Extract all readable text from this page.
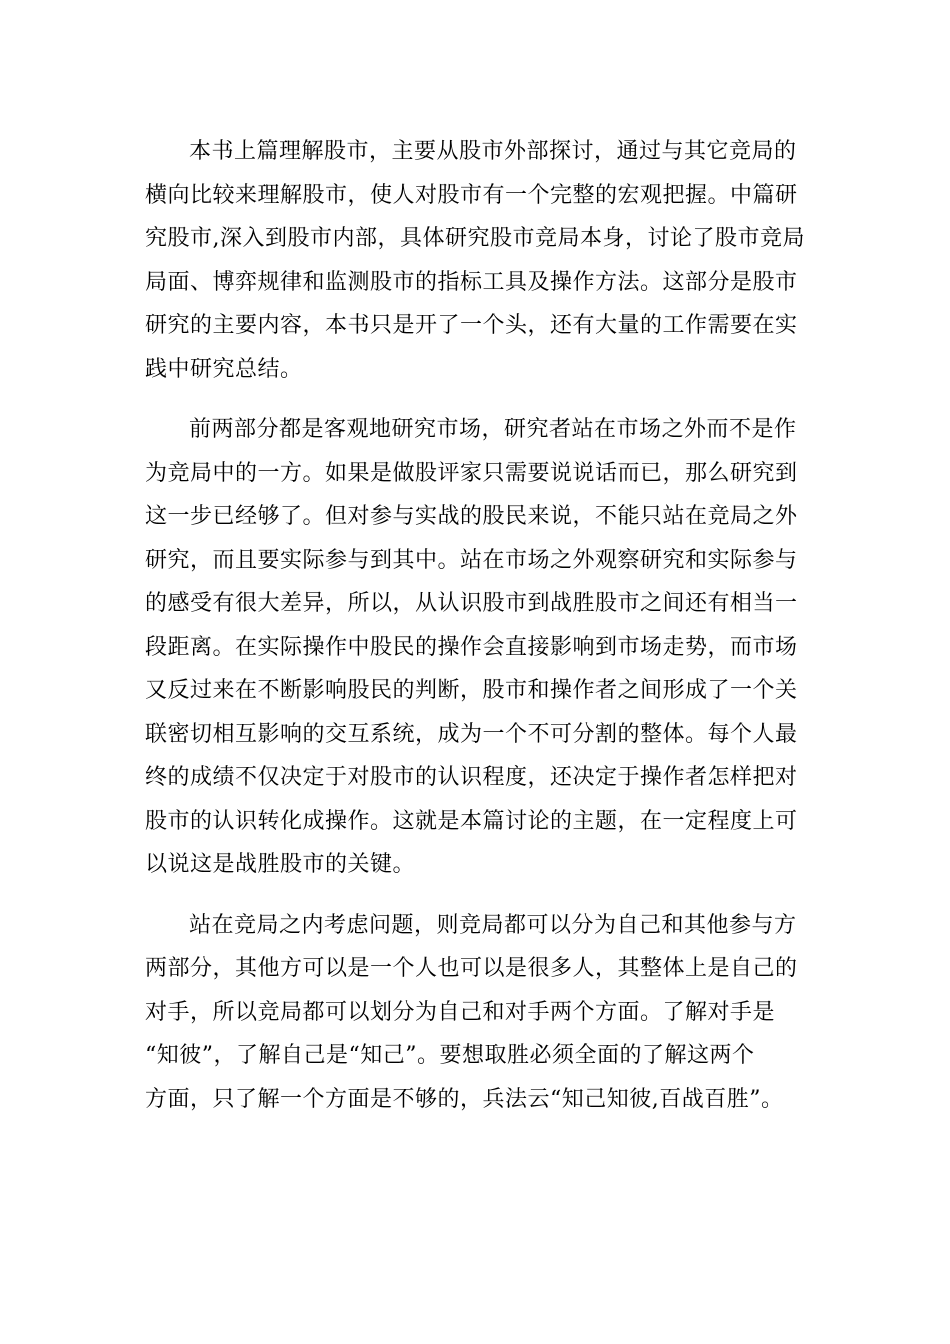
本书上篇理解股市，主要从股市外部探讨，通过与其它竞局的
横向比较来理解股市，使人对股市有一个完整的宏观把握。中篇研
究股市,深入到股市内部，具体研究股市竞局本身，讨论了股市竞局
局面、博弈规律和监测股市的指标工具及操作方法。这部分是股市
研究的主要内容，本书只是开了一个头，还有大量的工作需要在实
践中研究总结。
前两部分都是客观地研究市场，研究者站在市场之外而不是作
为竞局中的一方。如果是做股评家只需要说说话而已，那么研究到
这一步已经够了。但对参与实战的股民来说，不能只站在竞局之外
研究，而且要实际参与到其中。站在市场之外观察研究和实际参与
的感受有很大差异，所以，从认识股市到战胜股市之间还有相当一
段距离。在实际操作中股民的操作会直接影响到市场走势，而市场
又反过来在不断影响股民的判断，股市和操作者之间形成了一个关
联密切相互影响的交互系统，成为一个不可分割的整体。每个人最
终的成绩不仅决定于对股市的认识程度，还决定于操作者怎样把对
股市的认识转化成操作。这就是本篇讨论的主题，在一定程度上可
以说这是战胜股市的关键。
站在竞局之内考虑问题，则竞局都可以分为自己和其他参与方
两部分，其他方可以是一个人也可以是很多人，其整体上是自己的
对手，所以竞局都可以划分为自己和对手两个方面。了解对手是
“知彼”，了解自己是“知己”。要想取胜必须全面的了解这两个
方面，只了解一个方面是不够的，兵法云“知己知彼,百战百胜”。
